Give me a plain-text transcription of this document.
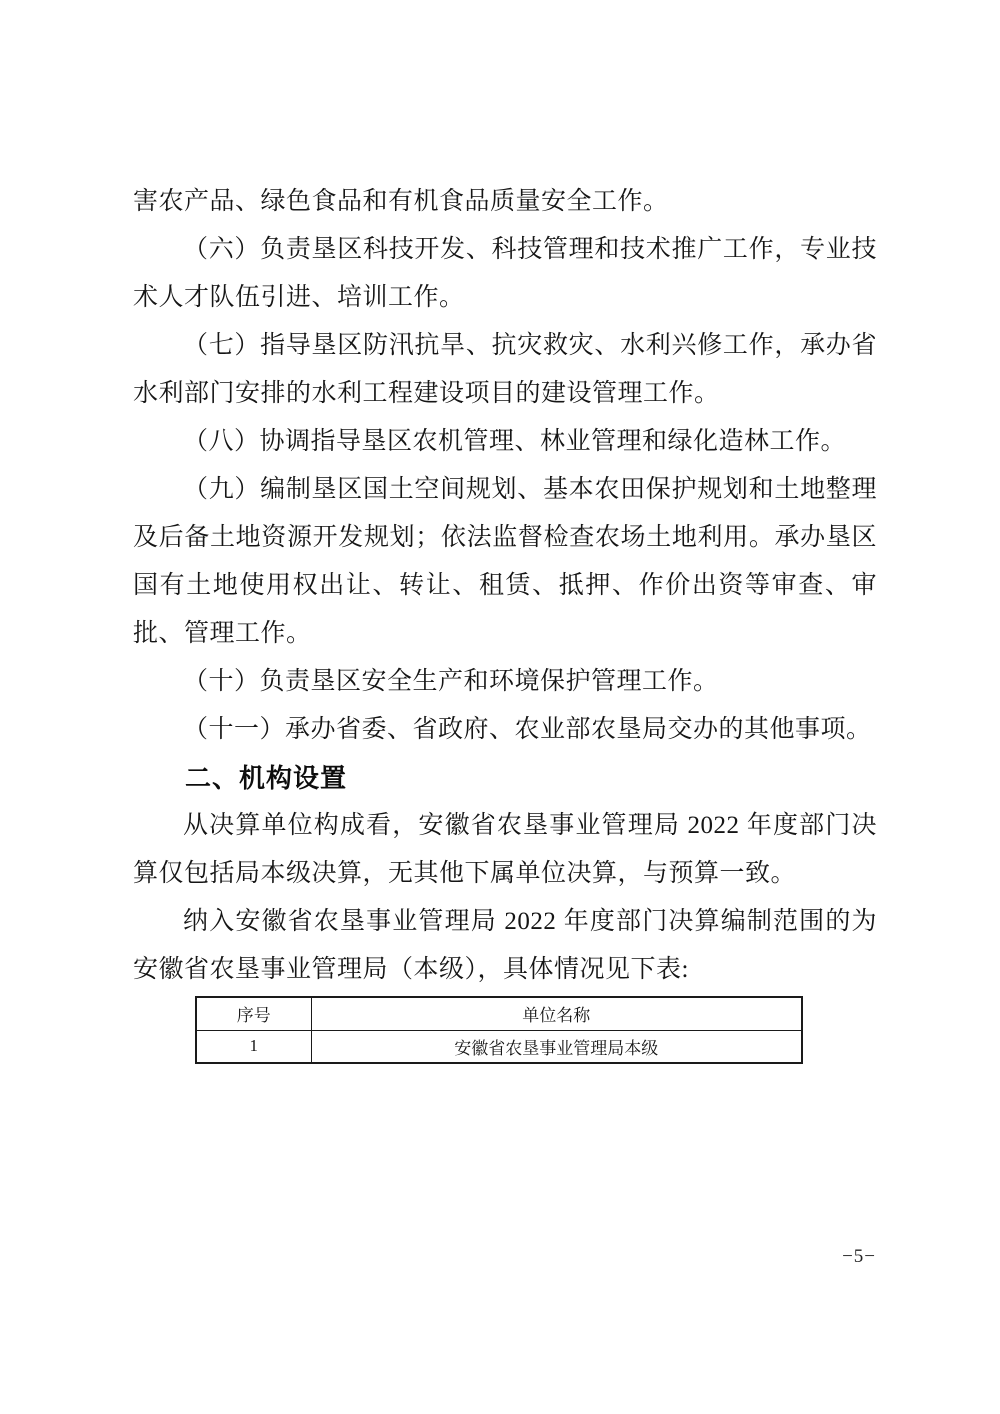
害农产品、绿色食品和有机食品质量安全工作。

（六）负责垦区科技开发、科技管理和技术推广工作，专业技术人才队伍引进、培训工作。

（七）指导垦区防汛抗旱、抗灾救灾、水利兴修工作，承办省水利部门安排的水利工程建设项目的建设管理工作。

（八）协调指导垦区农机管理、林业管理和绿化造林工作。

（九）编制垦区国土空间规划、基本农田保护规划和土地整理及后备土地资源开发规划；依法监督检查农场土地利用。承办垦区国有土地使用权出让、转让、租赁、抵押、作价出资等审查、审批、管理工作。

（十）负责垦区安全生产和环境保护管理工作。

（十一）承办省委、省政府、农业部农垦局交办的其他事项。

二、机构设置

从决算单位构成看，安徽省农垦事业管理局 2022 年度部门决算仅包括局本级决算，无其他下属单位决算，与预算一致。

纳入安徽省农垦事业管理局 2022 年度部门决算编制范围的为安徽省农垦事业管理局（本级），具体情况见下表:

序号	单位名称
1	安徽省农垦事业管理局本级
−5−
